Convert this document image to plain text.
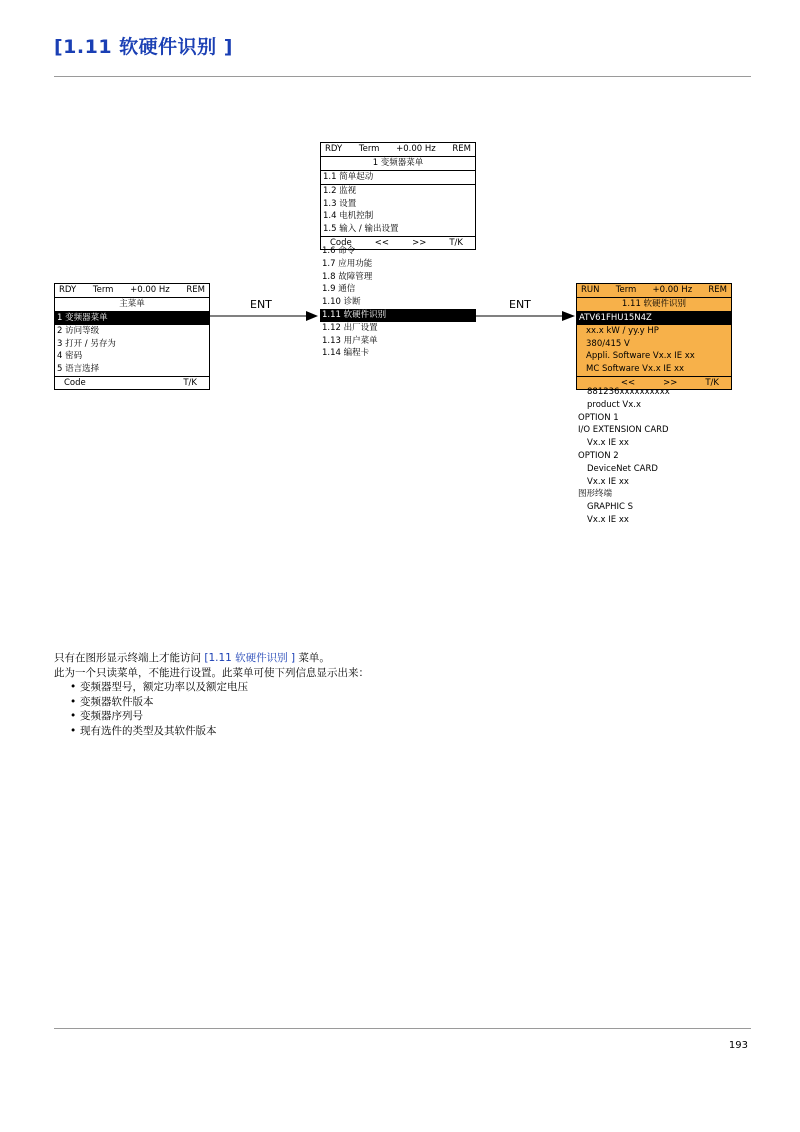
[1.11 软硬件识别 ]
RDY Term +0.00 Hz REM
主菜单
1 变频器菜单
2 访问等级
3 打开 / 另存为
4 密码
5 语言选择
Code	T/K
RDY Term +0.00 Hz REM
1 变频器菜单
1.1 简单起动
1.2 监视
1.3 设置
1.4 电机控制
1.5 输入 / 输出设置
Code	<<	>>	T/K
1.6 命令
1.7 应用功能
1.8 故障管理
1.9 通信
1.10 诊断
1.11 软硬件识别
1.12 出厂设置
1.13 用户菜单
1.14 编程卡
RUN Term +0.00 Hz REM
1.11 软硬件识别
ATV61FHU15N4Z
xx.x kW / yy.y HP
380/415 V
Appli. Software Vx.x IE xx
MC Software Vx.x IE xx
<<	>>	T/K
881236xxxxxxxxxx
product Vx.x
OPTION 1
I/O EXTENSION CARD
Vx.x IE xx
OPTION 2
DeviceNet CARD
Vx.x IE xx
图形终端
GRAPHIC S
Vx.x IE xx
ENT	ENT
只有在图形显示终端上才能访问 [1.11 软硬件识别 ] 菜单。
此为一个只读菜单，不能进行设置。此菜单可使下列信息显示出来：
• 变频器型号，额定功率以及额定电压
• 变频器软件版本
• 变频器序列号
• 现有选件的类型及其软件版本
193
